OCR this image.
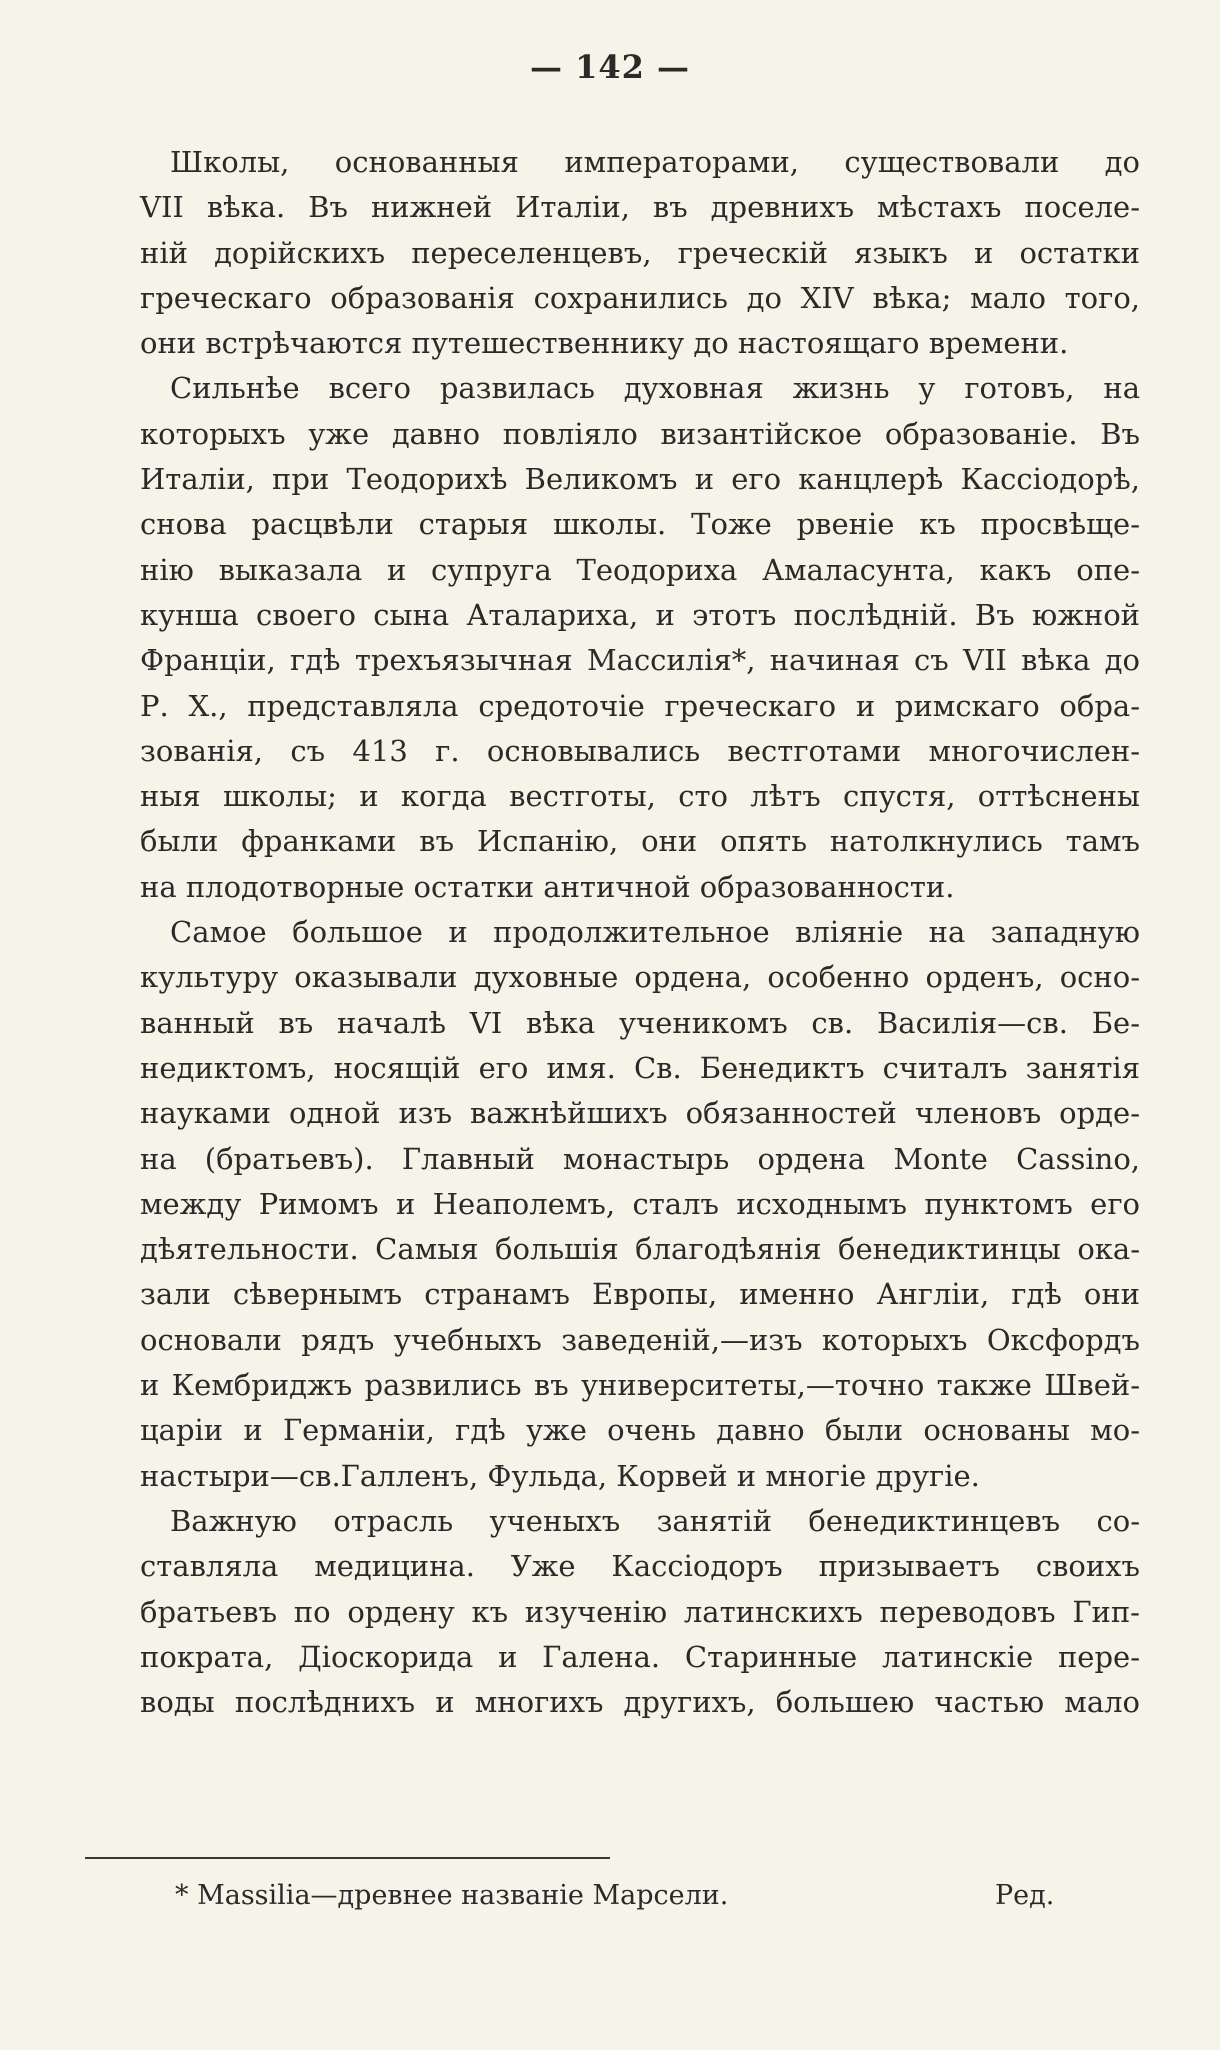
— 142 —
Школы, основанныя императорами, существовали до
VII вѣка. Въ нижней Италіи, въ древнихъ мѣстахъ поселе-
ній дорійскихъ переселенцевъ, греческій языкъ и остатки
греческаго образованія сохранились до XIV вѣка; мало того,
они встрѣчаются путешественнику до настоящаго времени.
Сильнѣе всего развилась духовная жизнь у готовъ, на
которыхъ уже давно повліяло византійское образованіе. Въ
Италіи, при Теодорихѣ Великомъ и его канцлерѣ Кассіодорѣ,
снова расцвѣли старыя школы. Тоже рвеніе къ просвѣще-
нію выказала и супруга Теодориха Амаласунта, какъ опе-
кунша своего сына Аталариха, и этотъ послѣдній. Въ южной
Франціи, гдѣ трехъязычная Массилія*, начиная съ VII вѣка до
Р. Х., представляла средоточіе греческаго и римскаго обра-
зованія, съ 413 г. основывались вестготами многочислен-
ныя школы; и когда вестготы, сто лѣтъ спустя, оттѣснены
были франками въ Испанію, они опять натолкнулись тамъ
на плодотворные остатки античной образованности.
Самое большое и продолжительное вліяніе на западную
культуру оказывали духовные ордена, особенно орденъ, осно-
ванный въ началѣ VI вѣка ученикомъ св. Василія—св. Бе-
недиктомъ, носящій его имя. Св. Бенедиктъ считалъ занятія
науками одной изъ важнѣйшихъ обязанностей членовъ орде-
на (братьевъ). Главный монастырь ордена Monte Cassino,
между Римомъ и Неаполемъ, сталъ исходнымъ пунктомъ его
дѣятельности. Самыя большія благодѣянія бенедиктинцы ока-
зали сѣвернымъ странамъ Европы, именно Англіи, гдѣ они
основали рядъ учебныхъ заведеній,—изъ которыхъ Оксфордъ
и Кембриджъ развились въ университеты,—точно также Швей-
царіи и Германіи, гдѣ уже очень давно были основаны мо-
настыри—св.Галленъ, Фульда, Корвей и многіе другіе.
Важную отрасль ученыхъ занятій бенедиктинцевъ со-
ставляла медицина. Уже Кассіодоръ призываетъ своихъ
братьевъ по ордену къ изученію латинскихъ переводовъ Гип-
пократа, Діоскорида и Галена. Старинные латинскіе пере-
воды послѣднихъ и многихъ другихъ, большею частью мало
* Massilia—древнее названіе Марсели.	Ред.
